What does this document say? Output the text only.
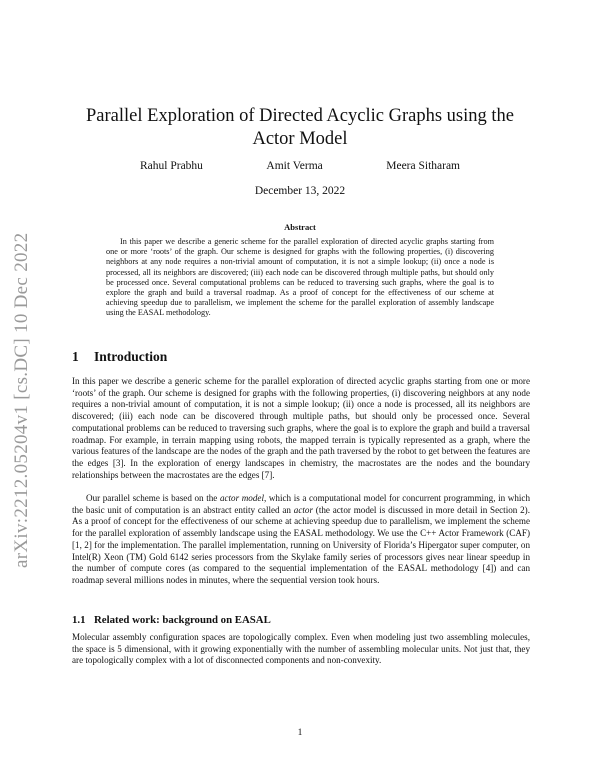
arXiv:2212.05204v1 [cs.DC] 10 Dec 2022
Parallel Exploration of Directed Acyclic Graphs using the Actor Model
Rahul Prabhu	Amit Verma	Meera Sitharam
December 13, 2022
Abstract

In this paper we describe a generic scheme for the parallel exploration of directed acyclic graphs starting from one or more ‘roots’ of the graph. Our scheme is designed for graphs with the following properties, (i) discovering neighbors at any node requires a non-trivial amount of computation, it is not a simple lookup; (ii) once a node is processed, all its neighbors are discovered; (iii) each node can be discovered through multiple paths, but should only be processed once. Several computational problems can be reduced to traversing such graphs, where the goal is to explore the graph and build a traversal roadmap. As a proof of concept for the effectiveness of our scheme at achieving speedup due to parallelism, we implement the scheme for the parallel exploration of assembly landscape using the EASAL methodology.

1 Introduction

In this paper we describe a generic scheme for the parallel exploration of directed acyclic graphs starting from one or more ‘roots’ of the graph. Our scheme is designed for graphs with the following properties, (i) discovering neighbors at any node requires a non-trivial amount of computation, it is not a simple lookup; (ii) once a node is processed, all its neighbors are discovered; (iii) each node can be discovered through multiple paths, but should only be processed once. Several computational problems can be reduced to traversing such graphs, where the goal is to explore the graph and build a traversal roadmap. For example, in terrain mapping using robots, the mapped terrain is typically represented as a graph, where the various features of the landscape are the nodes of the graph and the path traversed by the robot to get between the features are the edges [3]. In the exploration of energy landscapes in chemistry, the macrostates are the nodes and the boundary relationships between the macrostates are the edges [7].

Our parallel scheme is based on the actor model, which is a computational model for concurrent programming, in which the basic unit of computation is an abstract entity called an actor (the actor model is discussed in more detail in Section 2). As a proof of concept for the effectiveness of our scheme at achieving speedup due to parallelism, we implement the scheme for the parallel exploration of assembly landscape using the EASAL methodology. We use the C++ Actor Framework (CAF) [1, 2] for the implementation. The parallel implementation, running on University of Florida’s Hipergator super computer, on Intel(R) Xeon (TM) Gold 6142 series processors from the Skylake family series of processors gives near linear speedup in the number of compute cores (as compared to the sequential implementation of the EASAL methodology [4]) and can roadmap several millions nodes in minutes, where the sequential version took hours.

1.1 Related work: background on EASAL

Molecular assembly configuration spaces are topologically complex. Even when modeling just two assembling molecules, the space is 5 dimensional, with it growing exponentially with the number of assembling molecular units. Not just that, they are topologically complex with a lot of disconnected components and non-convexity.

1
